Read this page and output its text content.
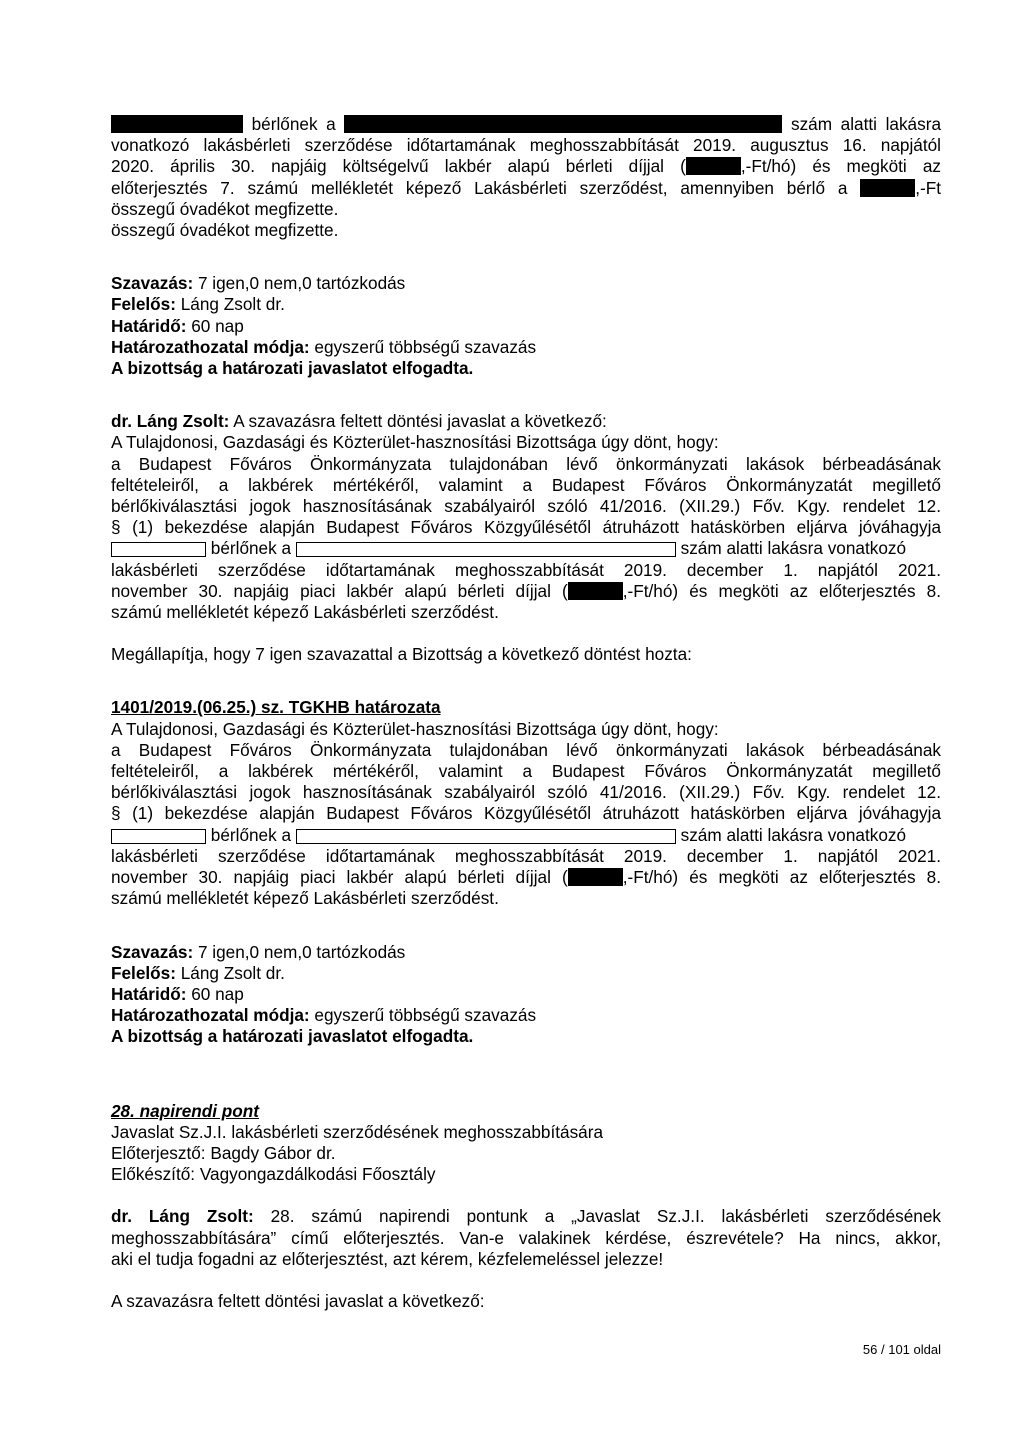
bérlőnek a	szám alatti lakásra
vonatkozó lakásbérleti szerződése időtartamának meghosszabbítását 2019. augusztus 16. napjától
2020. április 30. napjáig költségelvű lakbér alapú bérleti díjjal (	,-Ft/hó) és megköti az
előterjesztés 7. számú mellékletét képező Lakásbérleti szerződést, amennyiben bérlő a	,-Ft
összegű óvadékot megfizette.
összegű óvadékot megfizette.
Szavazás: 7 igen,0 nem,0 tartózkodás
Felelős: Láng Zsolt dr.
Határidő: 60 nap
Határozathozatal módja: egyszerű többségű szavazás
A bizottság a határozati javaslatot elfogadta.
dr. Láng Zsolt: A szavazásra feltett döntési javaslat a következő:
A Tulajdonosi, Gazdasági és Közterület-hasznosítási Bizottsága úgy dönt, hogy:
a Budapest Főváros Önkormányzata tulajdonában lévő önkormányzati lakások bérbeadásának
feltételeiről, a lakbérek mértékéről, valamint a Budapest Főváros Önkormányzatát megillető
bérlőkiválasztási jogok hasznosításának szabályairól szóló 41/2016. (XII.29.) Főv. Kgy. rendelet 12.
§ (1) bekezdése alapján Budapest Főváros Közgyűlésétől átruházott hatáskörben eljárva jóváhagyja
bérlőnek a	szám alatti lakásra vonatkozó
lakásbérleti szerződése időtartamának meghosszabbítását 2019. december 1. napjától 2021.
november 30. napjáig piaci lakbér alapú bérleti díjjal (	,-Ft/hó) és megköti az előterjesztés 8.
számú mellékletét képező Lakásbérleti szerződést.
Megállapítja, hogy 7 igen szavazattal a Bizottság a következő döntést hozta:
1401/2019.(06.25.) sz. TGKHB határozata
A Tulajdonosi, Gazdasági és Közterület-hasznosítási Bizottsága úgy dönt, hogy:
a Budapest Főváros Önkormányzata tulajdonában lévő önkormányzati lakások bérbeadásának
feltételeiről, a lakbérek mértékéről, valamint a Budapest Főváros Önkormányzatát megillető
bérlőkiválasztási jogok hasznosításának szabályairól szóló 41/2016. (XII.29.) Főv. Kgy. rendelet 12.
§ (1) bekezdése alapján Budapest Főváros Közgyűlésétől átruházott hatáskörben eljárva jóváhagyja
bérlőnek a	szám alatti lakásra vonatkozó
lakásbérleti szerződése időtartamának meghosszabbítását 2019. december 1. napjától 2021.
november 30. napjáig piaci lakbér alapú bérleti díjjal (	,-Ft/hó) és megköti az előterjesztés 8.
számú mellékletét képező Lakásbérleti szerződést.
Szavazás: 7 igen,0 nem,0 tartózkodás
Felelős: Láng Zsolt dr.
Határidő: 60 nap
Határozathozatal módja: egyszerű többségű szavazás
A bizottság a határozati javaslatot elfogadta.
28. napirendi pont
Javaslat Sz.J.I. lakásbérleti szerződésének meghosszabbítására
Előterjesztő: Bagdy Gábor dr.
Előkészítő: Vagyongazdálkodási Főosztály
dr. Láng Zsolt: 28. számú napirendi pontunk a „Javaslat Sz.J.I. lakásbérleti szerződésének
meghosszabbítására” című előterjesztés. Van-e valakinek kérdése, észrevétele? Ha nincs, akkor,
aki el tudja fogadni az előterjesztést, azt kérem, kézfelemeléssel jelezze!
A szavazásra feltett döntési javaslat a következő:
56 / 101 oldal
